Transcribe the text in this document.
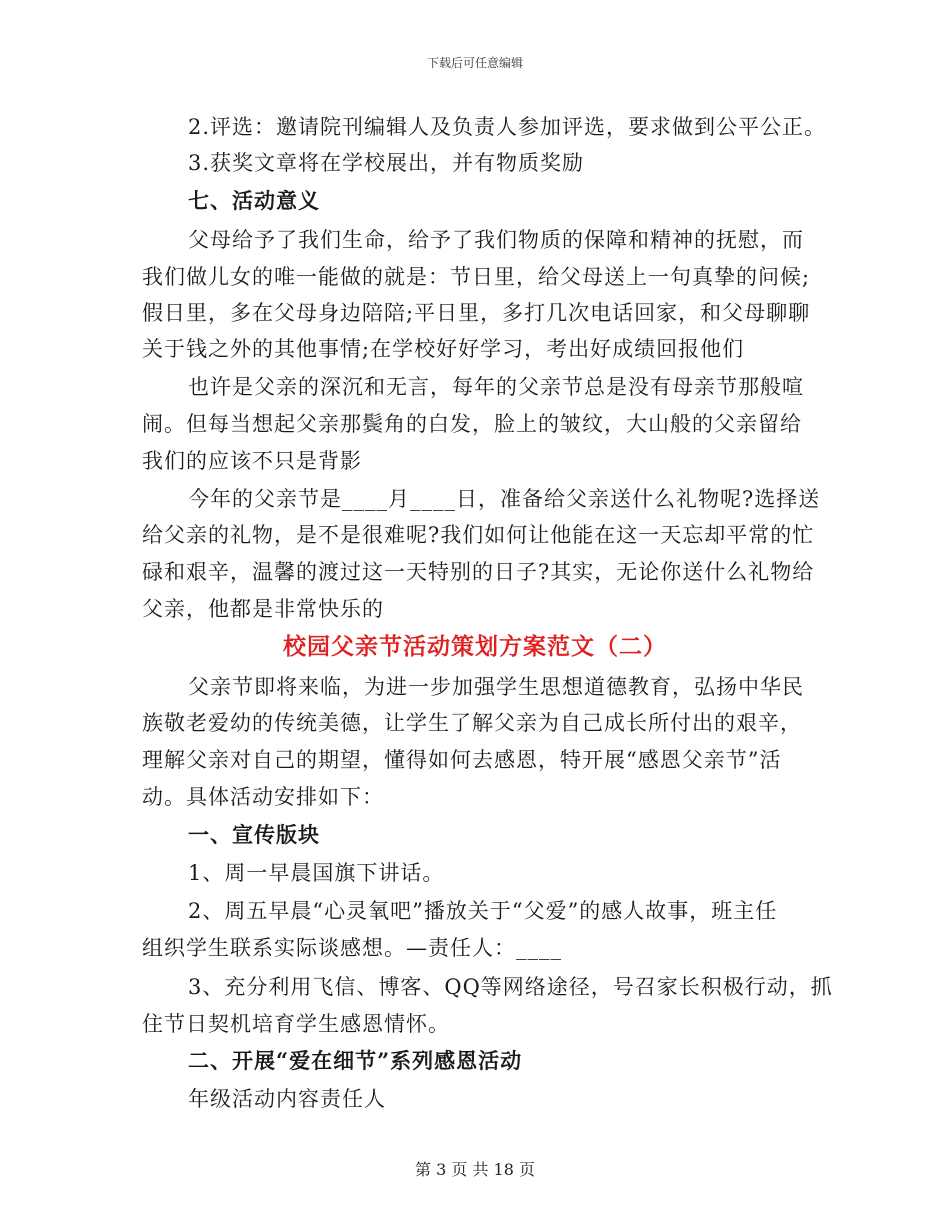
下载后可任意编辑
2.评选：邀请院刊编辑人及负责人参加评选，要求做到公平公正。
3.获奖文章将在学校展出，并有物质奖励
七、活动意义
父母给予了我们生命，给予了我们物质的保障和精神的抚慰，而
我们做儿女的唯一能做的就是：节日里，给父母送上一句真挚的问候;
假日里，多在父母身边陪陪;平日里，多打几次电话回家，和父母聊聊
关于钱之外的其他事情;在学校好好学习，考出好成绩回报他们
也许是父亲的深沉和无言，每年的父亲节总是没有母亲节那般喧
闹。但每当想起父亲那鬓角的白发，脸上的皱纹，大山般的父亲留给
我们的应该不只是背影
今年的父亲节是____月____日，准备给父亲送什么礼物呢?选择送
给父亲的礼物，是不是很难呢?我们如何让他能在这一天忘却平常的忙
碌和艰辛，温馨的渡过这一天特别的日子?其实，无论你送什么礼物给
父亲，他都是非常快乐的
校园父亲节活动策划方案范文（二）
父亲节即将来临，为进一步加强学生思想道德教育，弘扬中华民
族敬老爱幼的传统美德，让学生了解父亲为自己成长所付出的艰辛，
理解父亲对自己的期望，懂得如何去感恩，特开展“感恩父亲节”活
动。具体活动安排如下：
一、宣传版块
1、周一早晨国旗下讲话。
2、周五早晨“心灵氧吧”播放关于“父爱”的感人故事，班主任
组织学生联系实际谈感想。—责任人：____
3、充分利用飞信、博客、QQ等网络途径，号召家长积极行动，抓
住节日契机培育学生感恩情怀。
二、开展“爱在细节”系列感恩活动
年级活动内容责任人
第 3 页 共 18 页
